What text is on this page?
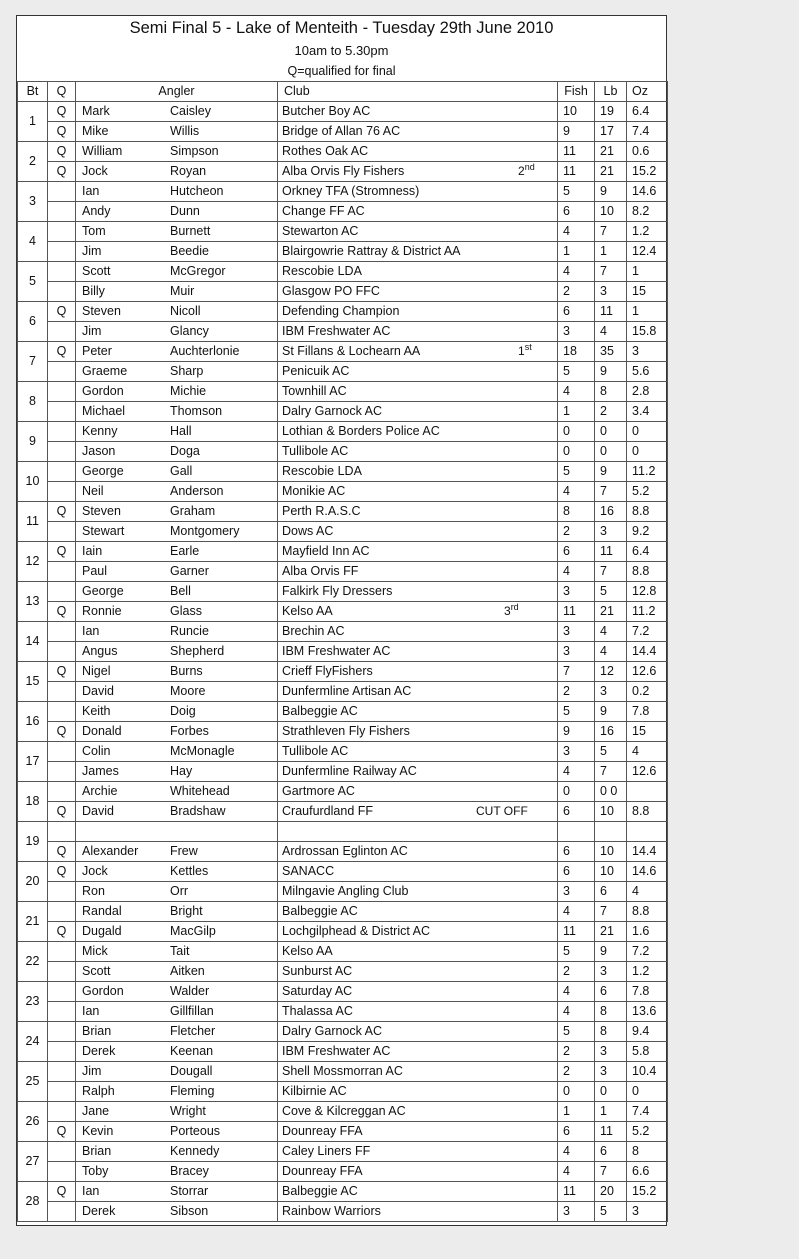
Semi Final 5 - Lake of Menteith - Tuesday 29th June 2010
10am to 5.30pm
Q=qualified for final
Bt	Q	Angler	Club	Fish	Lb	Oz
1	Q	Mark Caisley	Butcher Boy AC	10	19	6.4
	Q	Mike Willis	Bridge of Allan 76 AC	9	17	7.4
2	Q	William Simpson	Rothes Oak AC	11	21	0.6
	Q	Jock Royan	Alba Orvis Fly Fishers 2nd	11	21	15.2
3		Ian Hutcheon	Orkney TFA (Stromness)	5	9	14.6
		Andy Dunn	Change FF AC	6	10	8.2
4		Tom Burnett	Stewarton AC	4	7	1.2
		Jim Beedie	Blairgowrie Rattray & District AA	1	1	12.4
5		Scott McGregor	Rescobie LDA	4	7	1
		Billy Muir	Glasgow PO FFC	2	3	15
6	Q	Steven Nicoll	Defending Champion	6	11	1
		Jim Glancy	IBM Freshwater AC	3	4	15.8
7	Q	Peter Auchterlonie	St Fillans & Lochearn AA 1st	18	35	3
		Graeme Sharp	Penicuik AC	5	9	5.6
8		Gordon Michie	Townhill AC	4	8	2.8
		Michael Thomson	Dalry Garnock AC	1	2	3.4
9		Kenny Hall	Lothian & Borders Police AC	0	0	0
		Jason Doga	Tullibole AC	0	0	0
10		George Gall	Rescobie LDA	5	9	11.2
		Neil Anderson	Monikie AC	4	7	5.2
11	Q	Steven Graham	Perth R.A.S.C	8	16	8.8
		Stewart Montgomery	Dows AC	2	3	9.2
12	Q	Iain Earle	Mayfield Inn AC	6	11	6.4
		Paul Garner	Alba Orvis FF	4	7	8.8
13		George Bell	Falkirk Fly Dressers	3	5	12.8
	Q	Ronnie Glass	Kelso AA 3rd	11	21	11.2
14		Ian Runcie	Brechin AC	3	4	7.2
		Angus Shepherd	IBM Freshwater AC	3	4	14.4
15	Q	Nigel Burns	Crieff FlyFishers	7	12	12.6
		David Moore	Dunfermline Artisan AC	2	3	0.2
16		Keith Doig	Balbeggie AC	5	9	7.8
	Q	Donald Forbes	Strathleven Fly Fishers	9	16	15
17		Colin McMonagle	Tullibole AC	3	5	4
		James Hay	Dunfermline Railway AC	4	7	12.6
18		Archie Whitehead	Gartmore AC	0	0 0	
	Q	David Bradshaw	Craufurdland FF CUT OFF	6	10	8.8
19						
	Q	Alexander Frew	Ardrossan Eglinton AC	6	10	14.4
20	Q	Jock Kettles	SANACC	6	10	14.6
		Ron Orr	Milngavie Angling Club	3	6	4
21		Randal Bright	Balbeggie AC	4	7	8.8
	Q	Dugald MacGilp	Lochgilphead & District AC	11	21	1.6
22		Mick Tait	Kelso AA	5	9	7.2
		Scott Aitken	Sunburst AC	2	3	1.2
23		Gordon Walder	Saturday AC	4	6	7.8
		Ian Gillfillan	Thalassa AC	4	8	13.6
24		Brian Fletcher	Dalry Garnock AC	5	8	9.4
		Derek Keenan	IBM Freshwater AC	2	3	5.8
25		Jim Dougall	Shell Mossmorran AC	2	3	10.4
		Ralph Fleming	Kilbirnie AC	0	0	0
26		Jane Wright	Cove & Kilcreggan AC	1	1	7.4
	Q	Kevin Porteous	Dounreay FFA	6	11	5.2
27		Brian Kennedy	Caley Liners FF	4	6	8
		Toby Bracey	Dounreay FFA	4	7	6.6
28	Q	Ian Storrar	Balbeggie AC	11	20	15.2
		Derek Sibson	Rainbow Warriors	3	5	3
